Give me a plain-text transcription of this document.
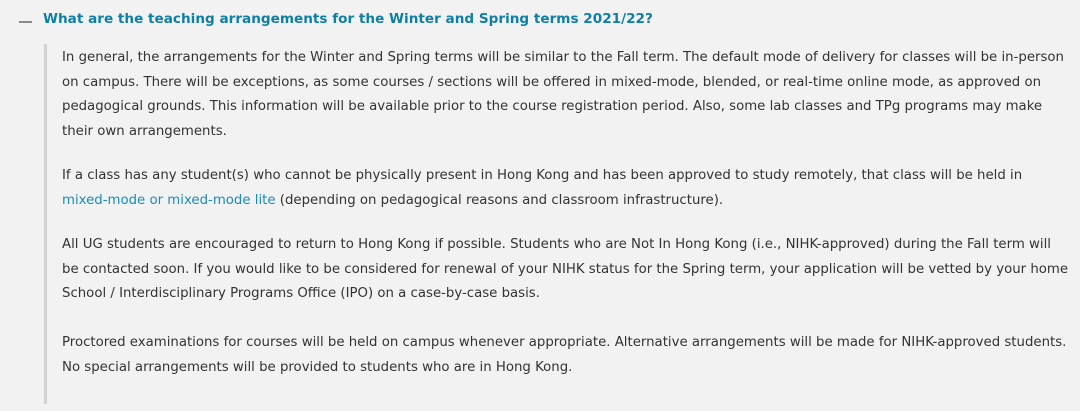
What are the teaching arrangements for the Winter and Spring terms 2021/22?

In general, the arrangements for the Winter and Spring terms will be similar to the Fall term. The default mode of delivery for classes will be in-person on campus. There will be exceptions, as some courses / sections will be offered in mixed-mode, blended, or real-time online mode, as approved on pedagogical grounds. This information will be available prior to the course registration period. Also, some lab classes and TPg programs may make their own arrangements.

If a class has any student(s) who cannot be physically present in Hong Kong and has been approved to study remotely, that class will be held in mixed-mode or mixed-mode lite (depending on pedagogical reasons and classroom infrastructure).

All UG students are encouraged to return to Hong Kong if possible. Students who are Not In Hong Kong (i.e., NIHK-approved) during the Fall term will be contacted soon. If you would like to be considered for renewal of your NIHK status for the Spring term, your application will be vetted by your home School / Interdisciplinary Programs Office (IPO) on a case-by-case basis.

Proctored examinations for courses will be held on campus whenever appropriate. Alternative arrangements will be made for NIHK-approved students. No special arrangements will be provided to students who are in Hong Kong.
